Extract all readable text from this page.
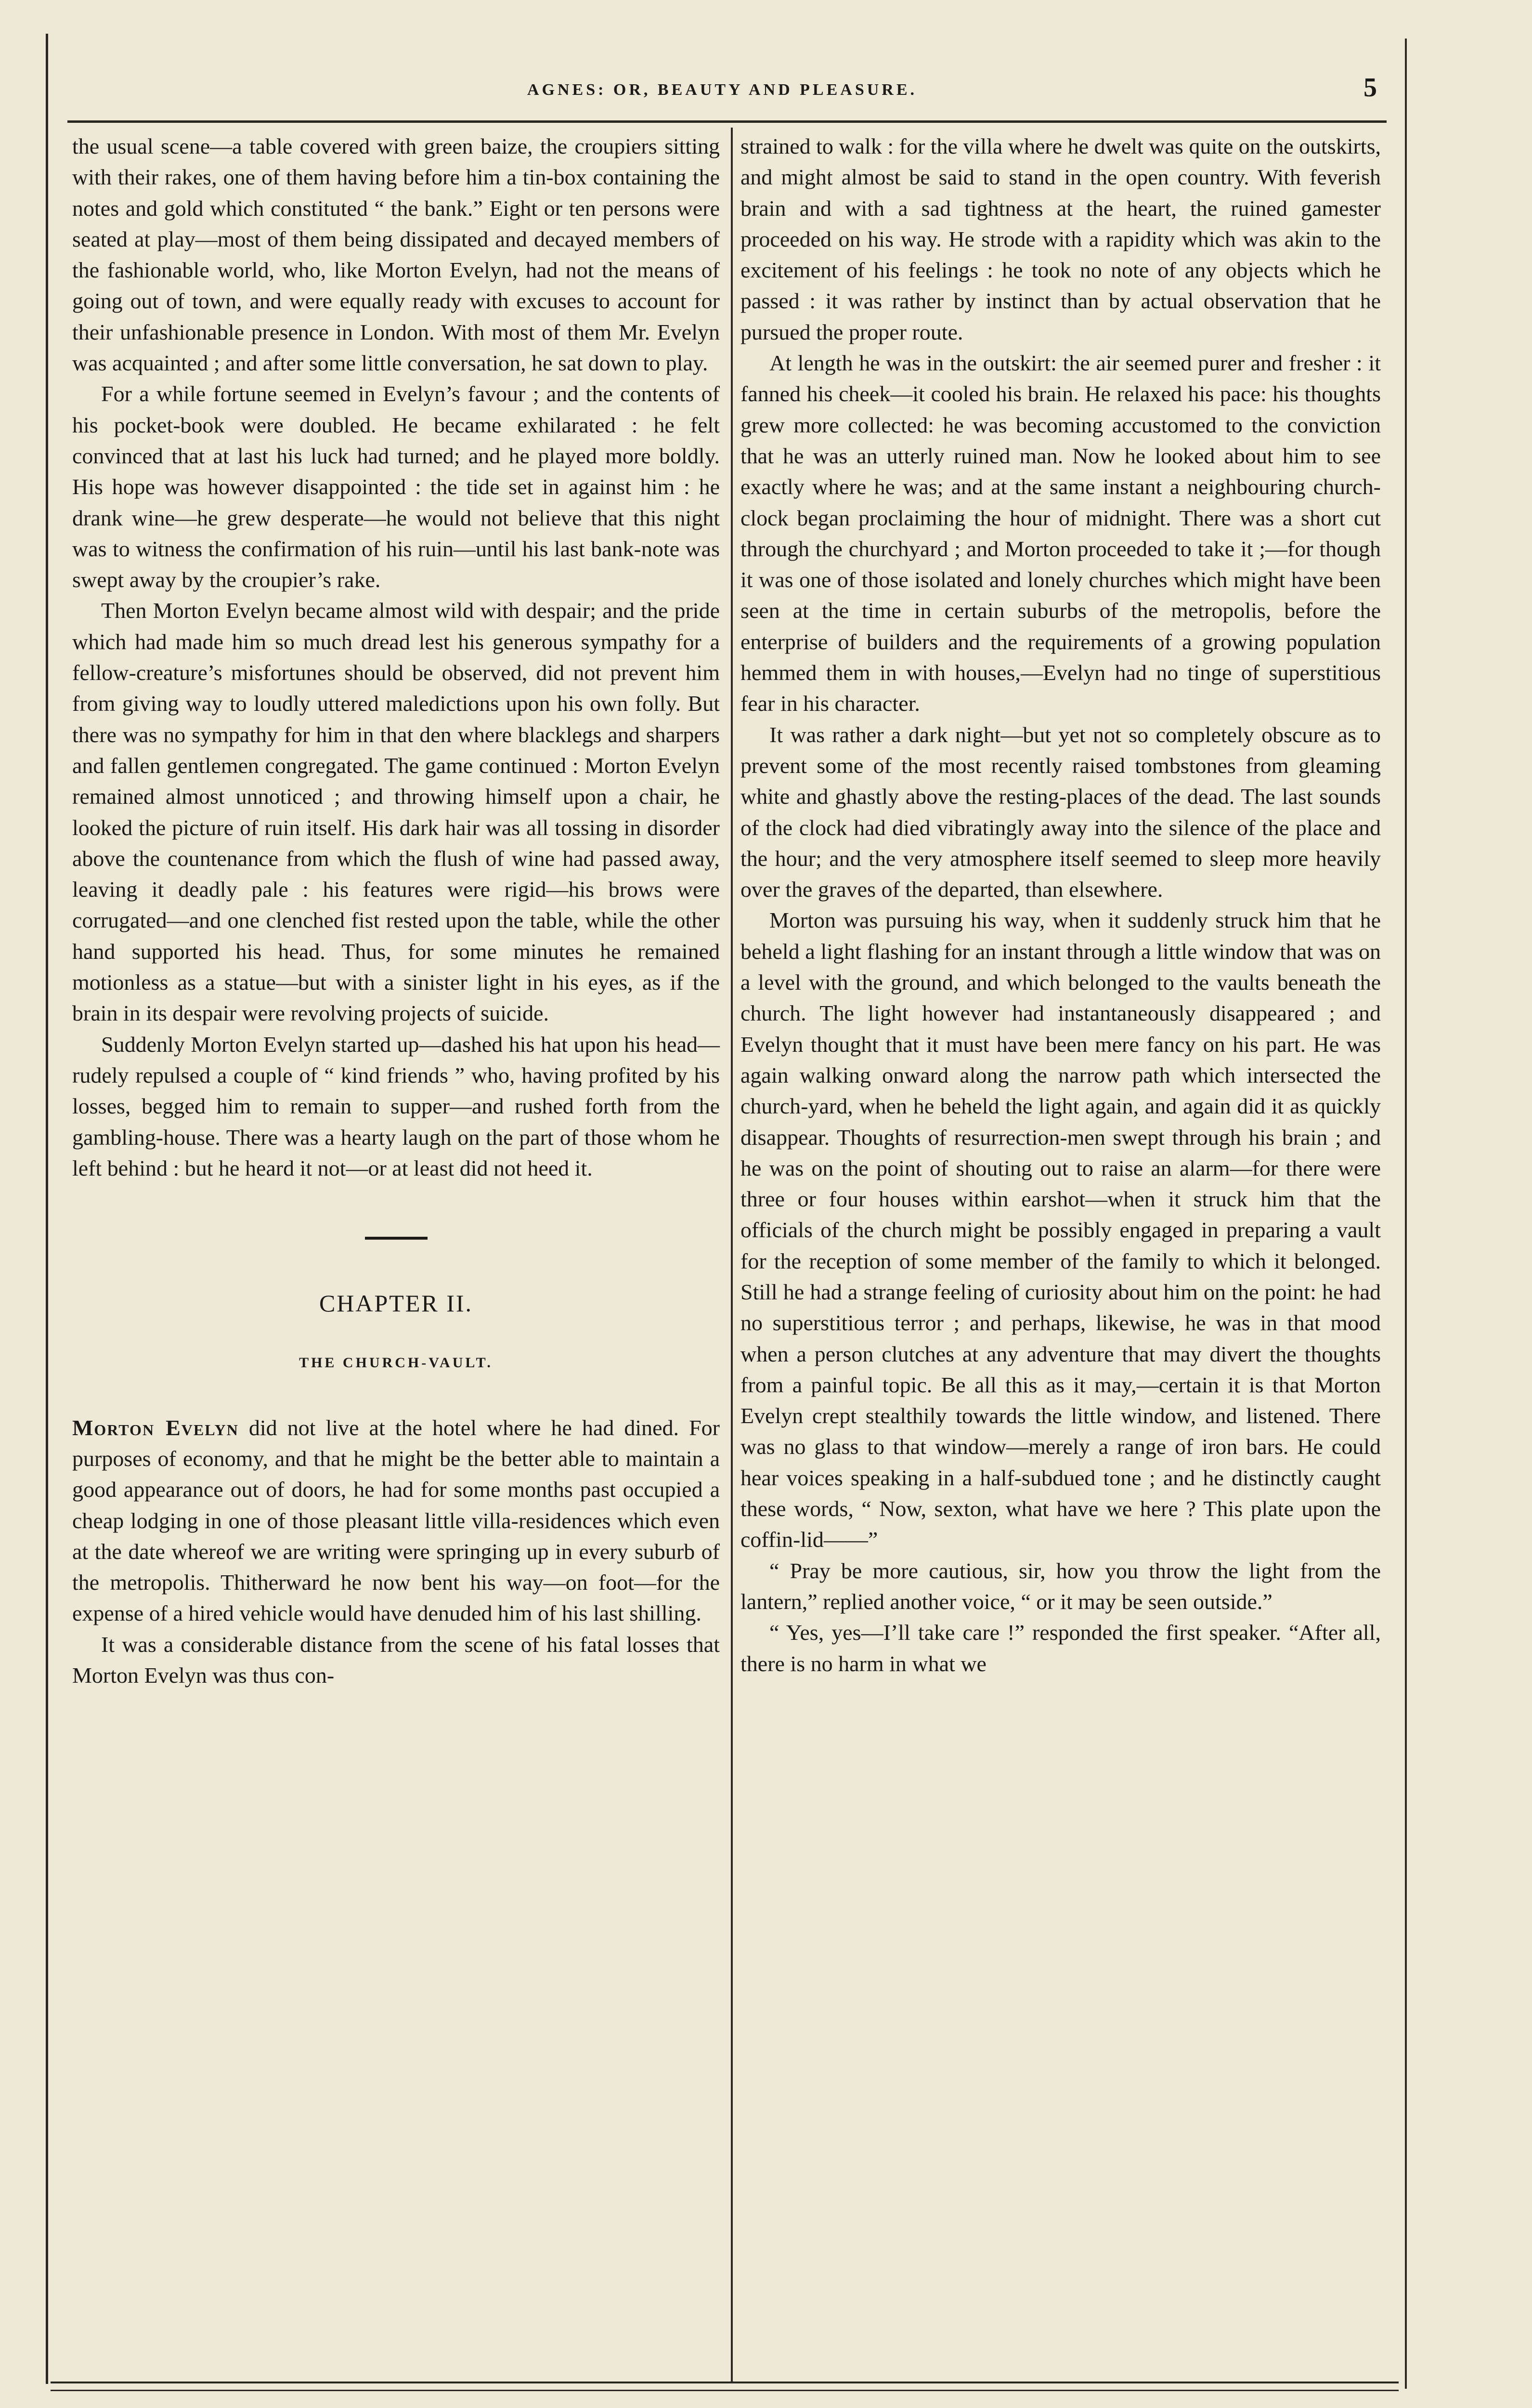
AGNES: OR, BEAUTY AND PLEASURE.	5

the usual scene—a table covered with green baize, the croupiers sitting with their rakes, one of them having before him a tin-box containing the notes and gold which constituted “ the bank.” Eight or ten persons were seated at play—most of them being dissipated and decayed members of the fashionable world, who, like Morton Evelyn, had not the means of going out of town, and were equally ready with excuses to account for their unfashionable presence in London. With most of them Mr. Evelyn was acquainted ; and after some little conversation, he sat down to play.

For a while fortune seemed in Evelyn’s favour ; and the contents of his pocket-book were doubled. He became exhilarated : he felt convinced that at last his luck had turned; and he played more boldly. His hope was however disappointed : the tide set in against him : he drank wine—he grew desperate—he would not believe that this night was to witness the confirmation of his ruin—until his last bank-note was swept away by the croupier’s rake.

Then Morton Evelyn became almost wild with despair; and the pride which had made him so much dread lest his generous sympathy for a fellow-creature’s misfortunes should be observed, did not prevent him from giving way to loudly uttered maledictions upon his own folly. But there was no sympathy for him in that den where blacklegs and sharpers and fallen gentlemen congregated. The game continued : Morton Evelyn remained almost unnoticed ; and throwing himself upon a chair, he looked the picture of ruin itself. His dark hair was all tossing in disorder above the countenance from which the flush of wine had passed away, leaving it deadly pale : his features were rigid—his brows were corrugated—and one clenched fist rested upon the table, while the other hand supported his head. Thus, for some minutes he remained motionless as a statue—but with a sinister light in his eyes, as if the brain in its despair were revolving projects of suicide.

Suddenly Morton Evelyn started up—dashed his hat upon his head—rudely repulsed a couple of “ kind friends ” who, having profited by his losses, begged him to remain to supper—and rushed forth from the gambling-house. There was a hearty laugh on the part of those whom he left behind : but he heard it not—or at least did not heed it.

CHAPTER II.
THE CHURCH-VAULT.

Morton Evelyn did not live at the hotel where he had dined. For purposes of economy, and that he might be the better able to maintain a good appearance out of doors, he had for some months past occupied a cheap lodging in one of those pleasant little villa-residences which even at the date whereof we are writing were springing up in every suburb of the metropolis. Thitherward he now bent his way—on foot—for the expense of a hired vehicle would have denuded him of his last shilling.

It was a considerable distance from the scene of his fatal losses that Morton Evelyn was thus con-

strained to walk : for the villa where he dwelt was quite on the outskirts, and might almost be said to stand in the open country. With feverish brain and with a sad tightness at the heart, the ruined gamester proceeded on his way. He strode with a rapidity which was akin to the excitement of his feelings : he took no note of any objects which he passed : it was rather by instinct than by actual observation that he pursued the proper route.

At length he was in the outskirt: the air seemed purer and fresher : it fanned his cheek—it cooled his brain. He relaxed his pace: his thoughts grew more collected: he was becoming accustomed to the conviction that he was an utterly ruined man. Now he looked about him to see exactly where he was; and at the same instant a neighbouring church-clock began proclaiming the hour of midnight. There was a short cut through the churchyard ; and Morton proceeded to take it ;—for though it was one of those isolated and lonely churches which might have been seen at the time in certain suburbs of the metropolis, before the enterprise of builders and the requirements of a growing population hemmed them in with houses,—Evelyn had no tinge of superstitious fear in his character.

It was rather a dark night—but yet not so completely obscure as to prevent some of the most recently raised tombstones from gleaming white and ghastly above the resting-places of the dead. The last sounds of the clock had died vibratingly away into the silence of the place and the hour; and the very atmosphere itself seemed to sleep more heavily over the graves of the departed, than elsewhere.

Morton was pursuing his way, when it suddenly struck him that he beheld a light flashing for an instant through a little window that was on a level with the ground, and which belonged to the vaults beneath the church. The light however had instantaneously disappeared ; and Evelyn thought that it must have been mere fancy on his part. He was again walking onward along the narrow path which intersected the church-yard, when he beheld the light again, and again did it as quickly disappear. Thoughts of resurrection-men swept through his brain ; and he was on the point of shouting out to raise an alarm—for there were three or four houses within earshot—when it struck him that the officials of the church might be possibly engaged in preparing a vault for the reception of some member of the family to which it belonged. Still he had a strange feeling of curiosity about him on the point: he had no superstitious terror ; and perhaps, likewise, he was in that mood when a person clutches at any adventure that may divert the thoughts from a painful topic. Be all this as it may,—certain it is that Morton Evelyn crept stealthily towards the little window, and listened. There was no glass to that window—merely a range of iron bars. He could hear voices speaking in a half-subdued tone ; and he distinctly caught these words, “ Now, sexton, what have we here ? This plate upon the coffin-lid——”

“ Pray be more cautious, sir, how you throw the light from the lantern,” replied another voice, “ or it may be seen outside.”

“ Yes, yes—I’ll take care !” responded the first speaker. “After all, there is no harm in what we
